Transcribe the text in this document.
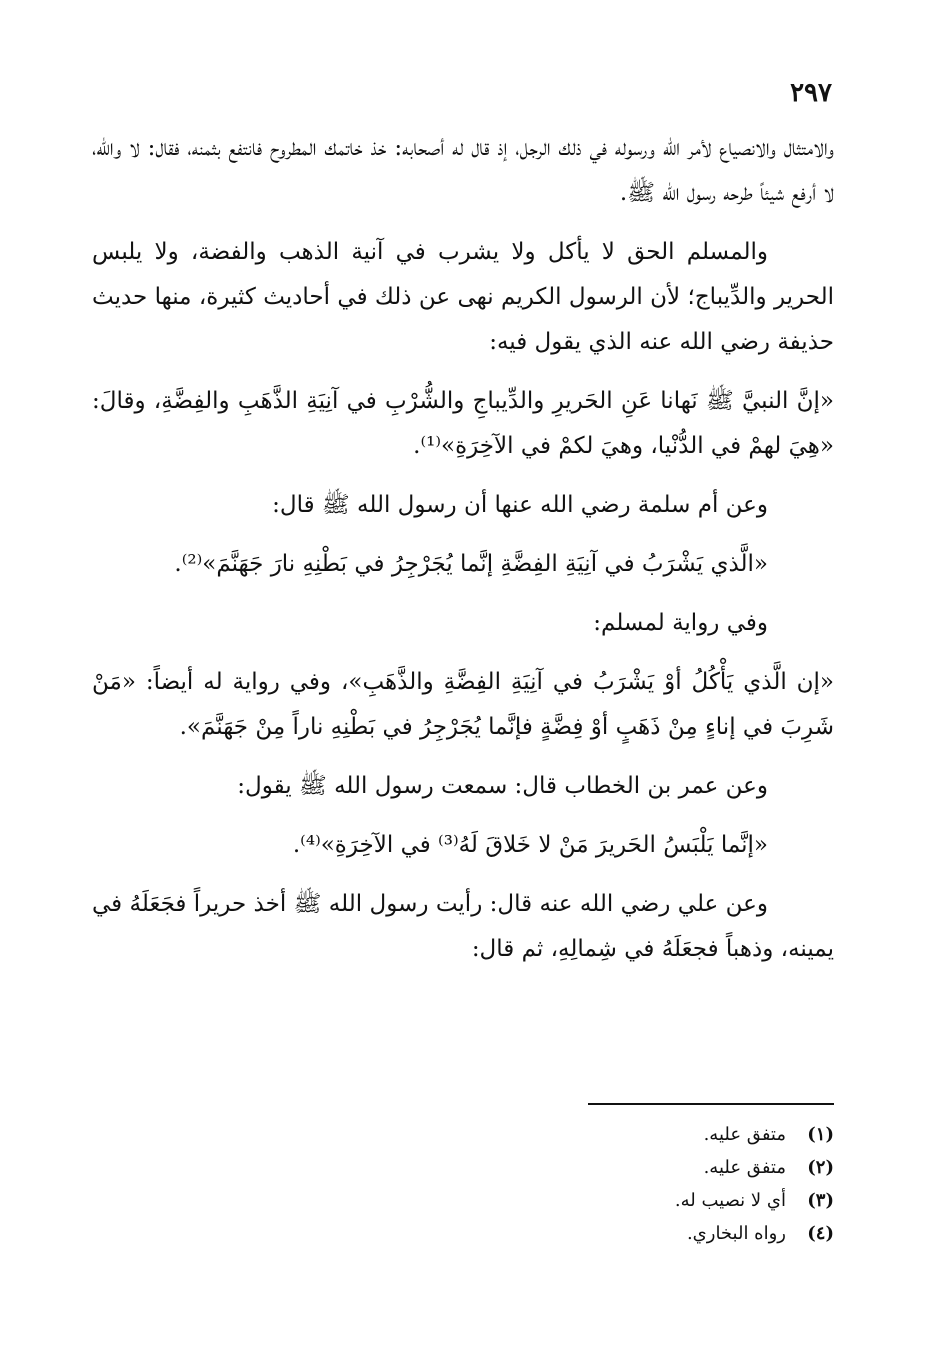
٢٩٧

والامتثال والانصياع لأمر الله ورسوله في ذلك الرجل، إذ قال له أصحابه: خذ خاتمك المطروح فانتفع بثمنه، فقال: لا والله، لا أرفع شيئاً طرحه رسول الله ﷺ.

والمسلم الحق لا يأكل ولا يشرب في آنية الذهب والفضة، ولا يلبس الحرير والدِّيباج؛ لأن الرسول الكريم نهى عن ذلك في أحاديث كثيرة، منها حديث حذيفة رضي الله عنه الذي يقول فيه:

«إنَّ النبيَّ ﷺ نَهانا عَنِ الحَريرِ والدِّيباجِ والشُّرْبِ في آنِيَةِ الذَّهَبِ والفِضَّةِ، وقالَ: «هِيَ لهمْ في الدُّنْيا، وهيَ لكمْ في الآخِرَةِ»⁽¹⁾.

وعن أم سلمة رضي الله عنها أن رسول الله ﷺ قال:

«الَّذي يَشْرَبُ في آنِيَةِ الفِضَّةِ إنَّما يُجَرْجِرُ في بَطْنِهِ نارَ جَهَنَّمَ»⁽²⁾.

وفي رواية لمسلم:

«إن الَّذي يَأْكُلُ أوْ يَشْرَبُ في آنِيَةِ الفِضَّةِ والذَّهَبِ»، وفي رواية له أيضاً: «مَنْ شَرِبَ في إناءٍ مِنْ ذَهَبٍ أوْ فِضَّةٍ فإنَّما يُجَرْجِرُ في بَطْنِهِ ناراً مِنْ جَهَنَّمَ».

وعن عمر بن الخطاب قال: سمعت رسول الله ﷺ يقول:

«إنَّما يَلْبَسُ الحَريرَ مَنْ لا خَلاقَ لَهُ⁽³⁾ في الآخِرَةِ»⁽⁴⁾.

وعن علي رضي الله عنه قال: رأيت رسول الله ﷺ أخذ حريراً فجَعَلَهُ في يمينه، وذهباً فجعَلَهُ في شِمالِهِ، ثم قال:

(١)
متفق عليه.
(٢)
متفق عليه.
(٣)
أي لا نصيب له.
(٤)
رواه البخاري.
